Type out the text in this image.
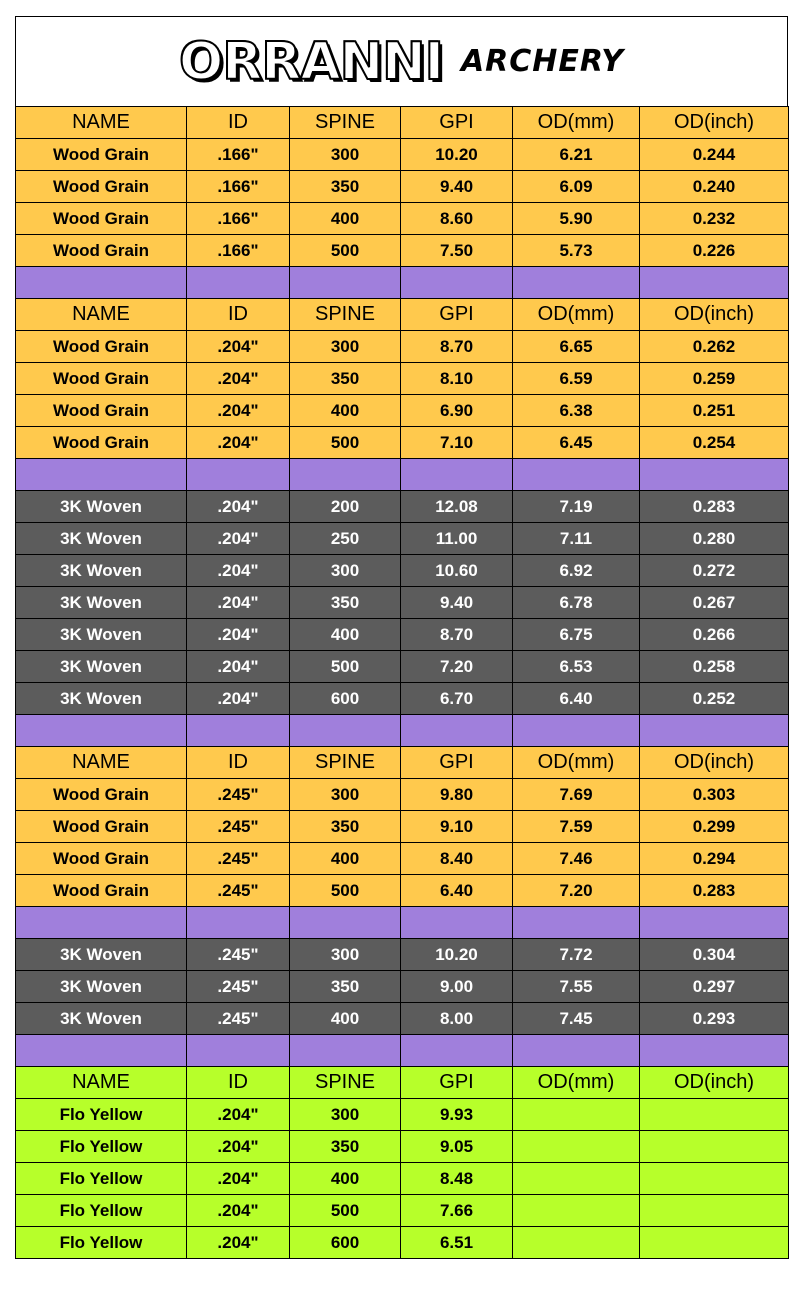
ORRANNI ARCHERY
NAME	ID	SPINE	GPI	OD(mm)	OD(inch)
Wood Grain	.166"	300	10.20	6.21	0.244
Wood Grain	.166"	350	9.40	6.09	0.240
Wood Grain	.166"	400	8.60	5.90	0.232
Wood Grain	.166"	500	7.50	5.73	0.226

NAME	ID	SPINE	GPI	OD(mm)	OD(inch)
Wood Grain	.204"	300	8.70	6.65	0.262
Wood Grain	.204"	350	8.10	6.59	0.259
Wood Grain	.204"	400	6.90	6.38	0.251
Wood Grain	.204"	500	7.10	6.45	0.254

3K Woven	.204"	200	12.08	7.19	0.283
3K Woven	.204"	250	11.00	7.11	0.280
3K Woven	.204"	300	10.60	6.92	0.272
3K Woven	.204"	350	9.40	6.78	0.267
3K Woven	.204"	400	8.70	6.75	0.266
3K Woven	.204"	500	7.20	6.53	0.258
3K Woven	.204"	600	6.70	6.40	0.252

NAME	ID	SPINE	GPI	OD(mm)	OD(inch)
Wood Grain	.245"	300	9.80	7.69	0.303
Wood Grain	.245"	350	9.10	7.59	0.299
Wood Grain	.245"	400	8.40	7.46	0.294
Wood Grain	.245"	500	6.40	7.20	0.283

3K Woven	.245"	300	10.20	7.72	0.304
3K Woven	.245"	350	9.00	7.55	0.297
3K Woven	.245"	400	8.00	7.45	0.293

NAME	ID	SPINE	GPI	OD(mm)	OD(inch)
Flo Yellow	.204"	300	9.93		
Flo Yellow	.204"	350	9.05		
Flo Yellow	.204"	400	8.48		
Flo Yellow	.204"	500	7.66		
Flo Yellow	.204"	600	6.51		
